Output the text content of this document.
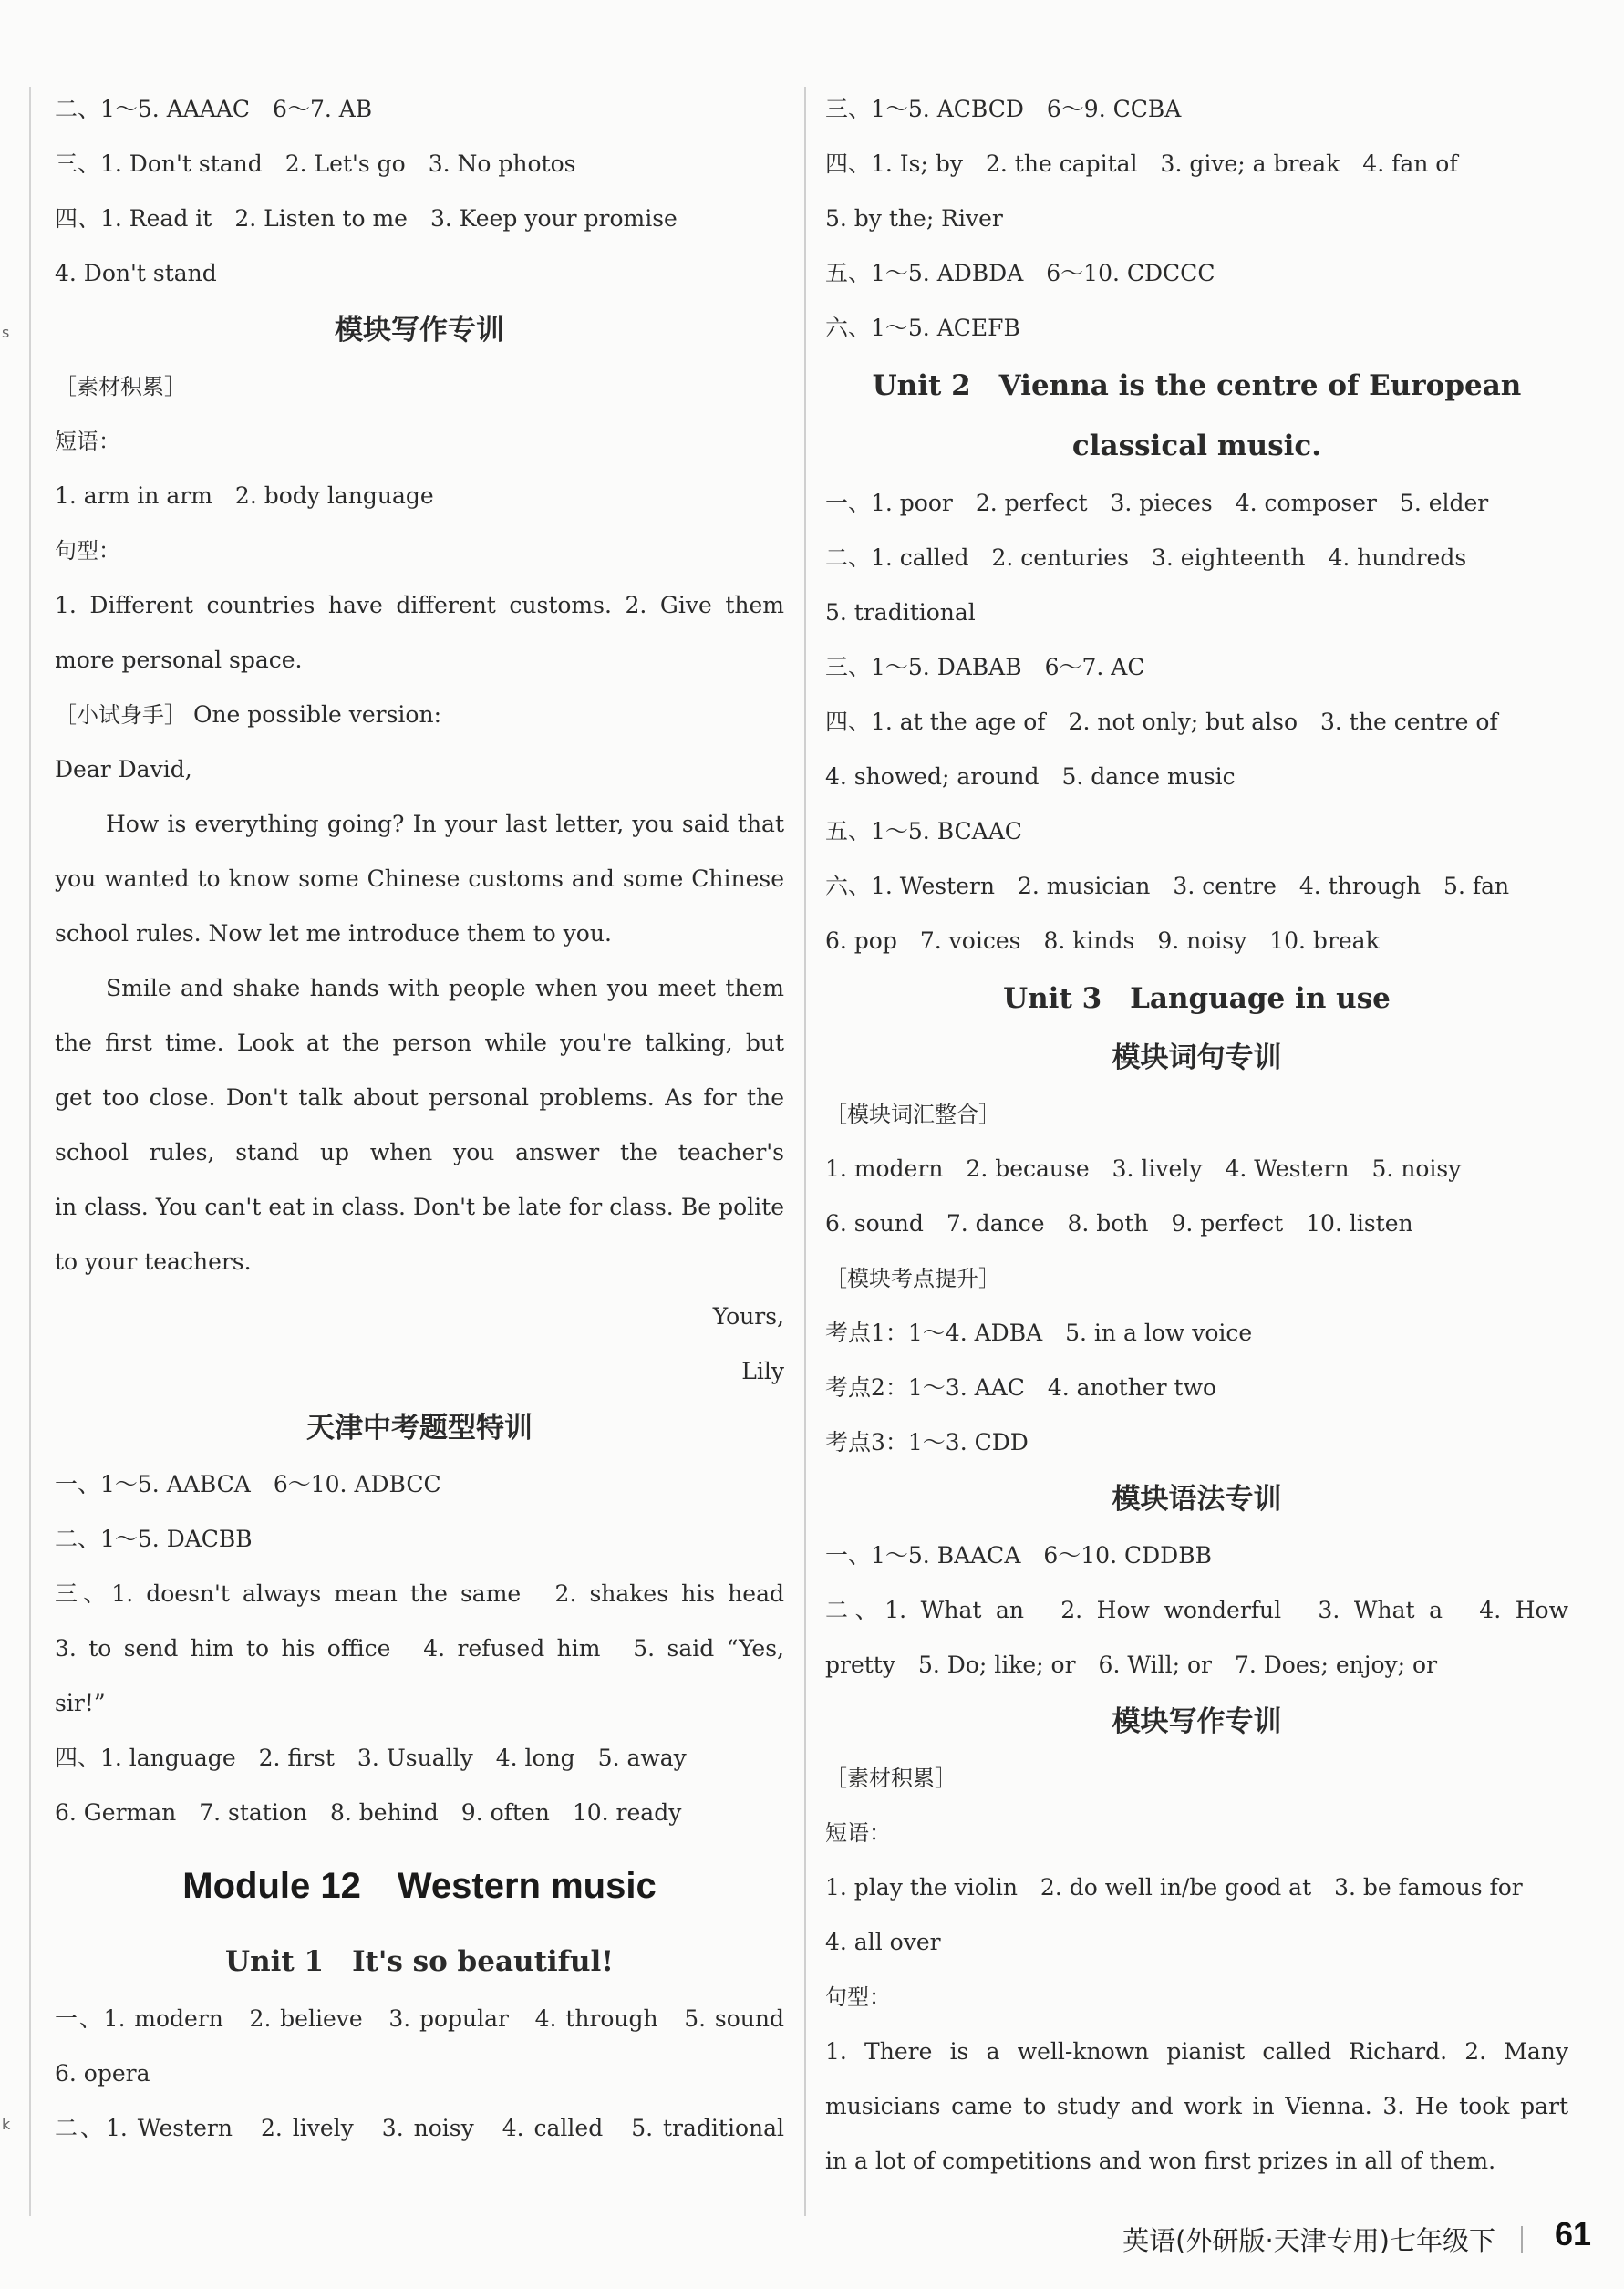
s
k
二、1～5. AAAAC　6～7. AB
三、1. Don't stand　2. Let's go　3. No photos
四、1. Read it　2. Listen to me　3. Keep your promise
4. Don't stand
模块写作专训
［素材积累］
短语：
1. arm in arm　2. body language
句型：
1. Different countries have different customs. 2. Give them
more personal space.
［小试身手］ One possible version:
Dear David,
How is everything going? In your last letter, you said that
you wanted to know some Chinese customs and some Chinese
school rules. Now let me introduce them to you.
Smile and shake hands with people when you meet them
the first time. Look at the person while you're talking, but
get too close. Don't talk about personal problems. As for the
school rules, stand up when you answer the teacher's
in class. You can't eat in class. Don't be late for class. Be polite
to your teachers.
Yours,
Lily
天津中考题型特训
一、1～5. AABCA　6～10. ADBCC
二、1～5. DACBB
三、1. doesn't always mean the same　2. shakes his head
3. to send him to his office　4. refused him　5. said “Yes,
sir!”
四、1. language　2. first　3. Usually　4. long　5. away
6. German　7. station　8. behind　9. often　10. ready
Module 12　Western music
Unit 1　It's so beautiful!
一、1. modern　2. believe　3. popular　4. through　5. sound
6. opera
二、1. Western　2. lively　3. noisy　4. called　5. traditional
三、1～5. ACBCD　6～9. CCBA
四、1. Is; by　2. the capital　3. give; a break　4. fan of
5. by the; River
五、1～5. ADBDA　6～10. CDCCC
六、1～5. ACEFB
Unit 2　Vienna is the centre of European
classical music.
一、1. poor　2. perfect　3. pieces　4. composer　5. elder
二、1. called　2. centuries　3. eighteenth　4. hundreds
5. traditional
三、1～5. DABAB　6～7. AC
四、1. at the age of　2. not only; but also　3. the centre of
4. showed; around　5. dance music
五、1～5. BCAAC
六、1. Western　2. musician　3. centre　4. through　5. fan
6. pop　7. voices　8. kinds　9. noisy　10. break
Unit 3　Language in use
模块词句专训
［模块词汇整合］
1. modern　2. because　3. lively　4. Western　5. noisy
6. sound　7. dance　8. both　9. perfect　10. listen
［模块考点提升］
考点1：1～4. ADBA　5. in a low voice
考点2：1～3. AAC　4. another two
考点3：1～3. CDD
模块语法专训
一、1～5. BAACA　6～10. CDDBB
二、1. What an　2. How wonderful　3. What a　4. How
pretty　5. Do; like; or　6. Will; or　7. Does; enjoy; or
模块写作专训
［素材积累］
短语：
1. play the violin　2. do well in/be good at　3. be famous for
4. all over
句型：
1. There is a well-known pianist called Richard. 2. Many
musicians came to study and work in Vienna. 3. He took part
in a lot of competitions and won first prizes in all of them.
英语(外研版·天津专用)七年级下 61
